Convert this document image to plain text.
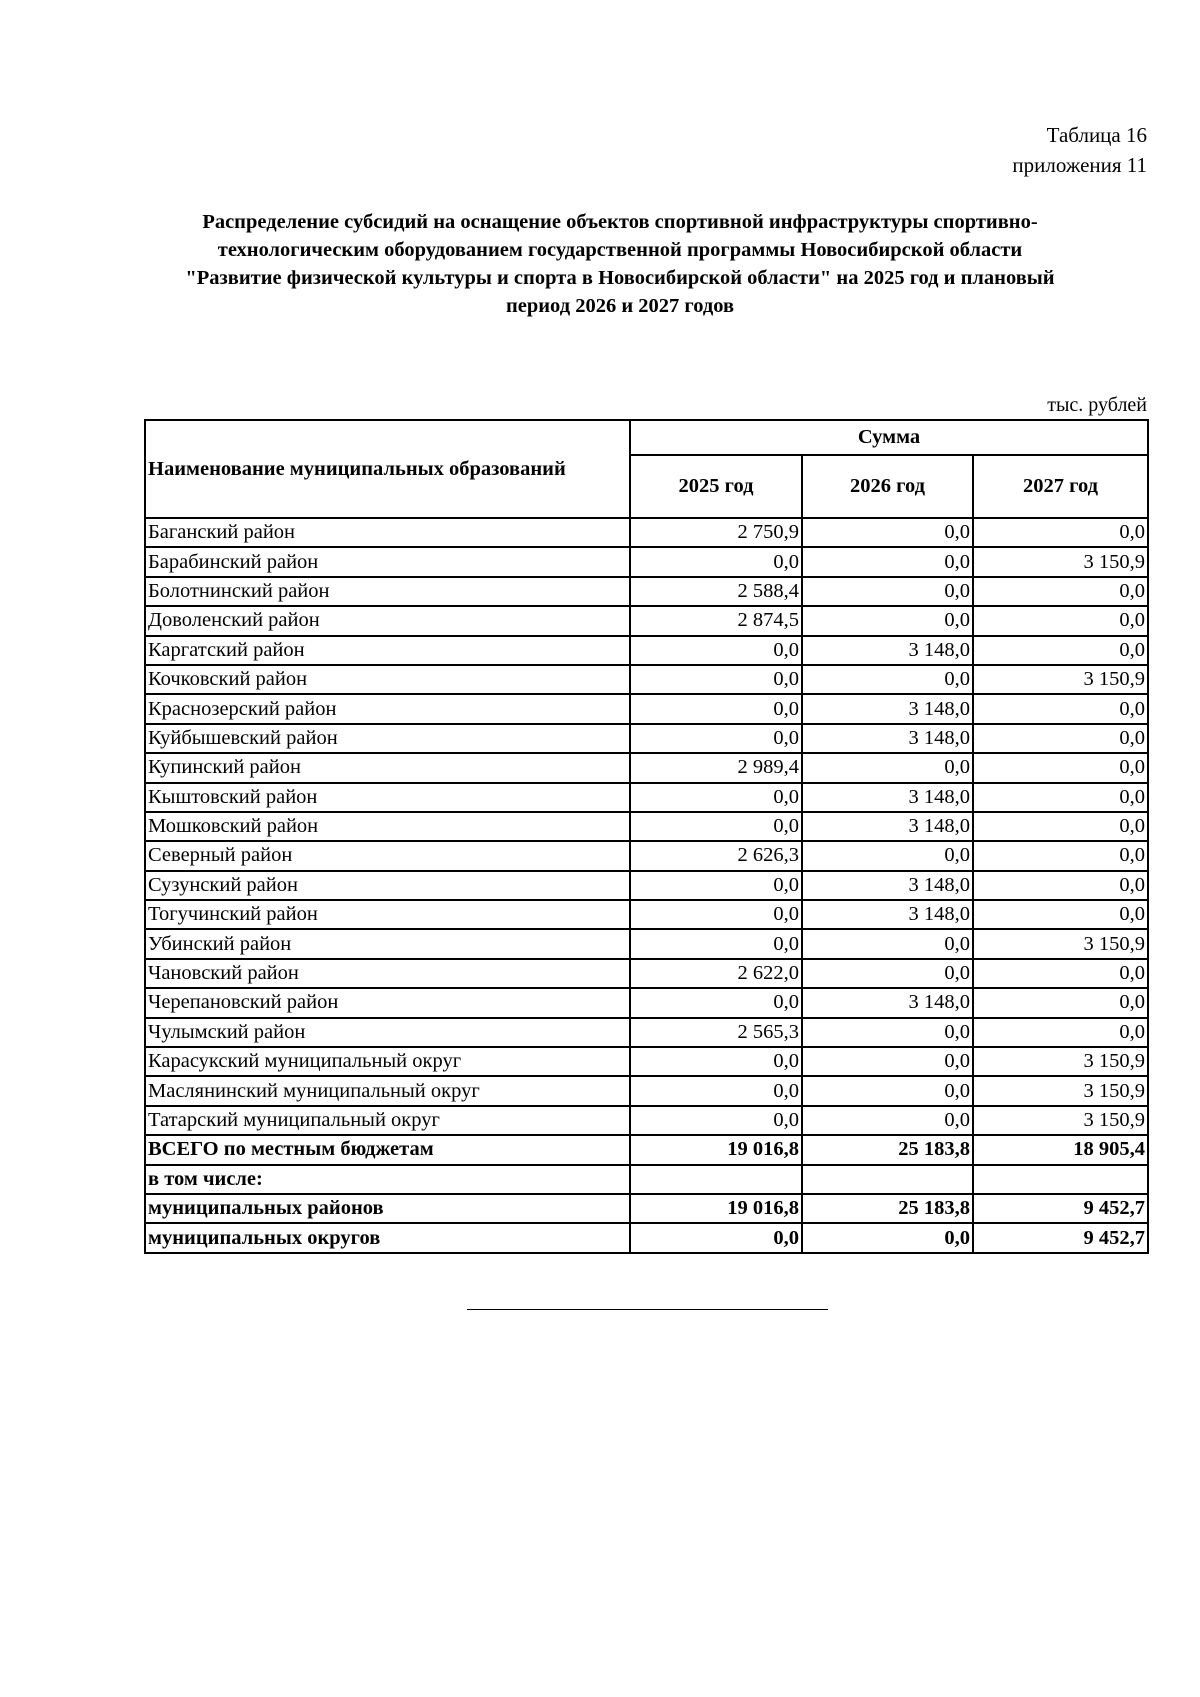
Таблица 16
приложения 11
Распределение субсидий на оснащение объектов спортивной инфраструктуры спортивно-
технологическим оборудованием государственной программы Новосибирской области
"Развитие физической культуры и спорта в Новосибирской области" на 2025 год и плановый
период 2026 и 2027 годов
тыс. рублей
Наименование муниципальных образований	Сумма		
	2025 год	2026 год	2027 год
Баганский район	2 750,9	0,0	0,0
Барабинский район	0,0	0,0	3 150,9
Болотнинский район	2 588,4	0,0	0,0
Доволенский район	2 874,5	0,0	0,0
Каргатский район	0,0	3 148,0	0,0
Кочковский район	0,0	0,0	3 150,9
Краснозерский район	0,0	3 148,0	0,0
Куйбышевский район	0,0	3 148,0	0,0
Купинский район	2 989,4	0,0	0,0
Кыштовский район	0,0	3 148,0	0,0
Мошковский район	0,0	3 148,0	0,0
Северный район	2 626,3	0,0	0,0
Сузунский район	0,0	3 148,0	0,0
Тогучинский район	0,0	3 148,0	0,0
Убинский район	0,0	0,0	3 150,9
Чановский район	2 622,0	0,0	0,0
Черепановский район	0,0	3 148,0	0,0
Чулымский район	2 565,3	0,0	0,0
Карасукский муниципальный округ	0,0	0,0	3 150,9
Маслянинский муниципальный округ	0,0	0,0	3 150,9
Татарский муниципальный округ	0,0	0,0	3 150,9
ВСЕГО по местным бюджетам	19 016,8	25 183,8	18 905,4
в том числе:			
муниципальных районов	19 016,8	25 183,8	9 452,7
муниципальных округов	0,0	0,0	9 452,7
